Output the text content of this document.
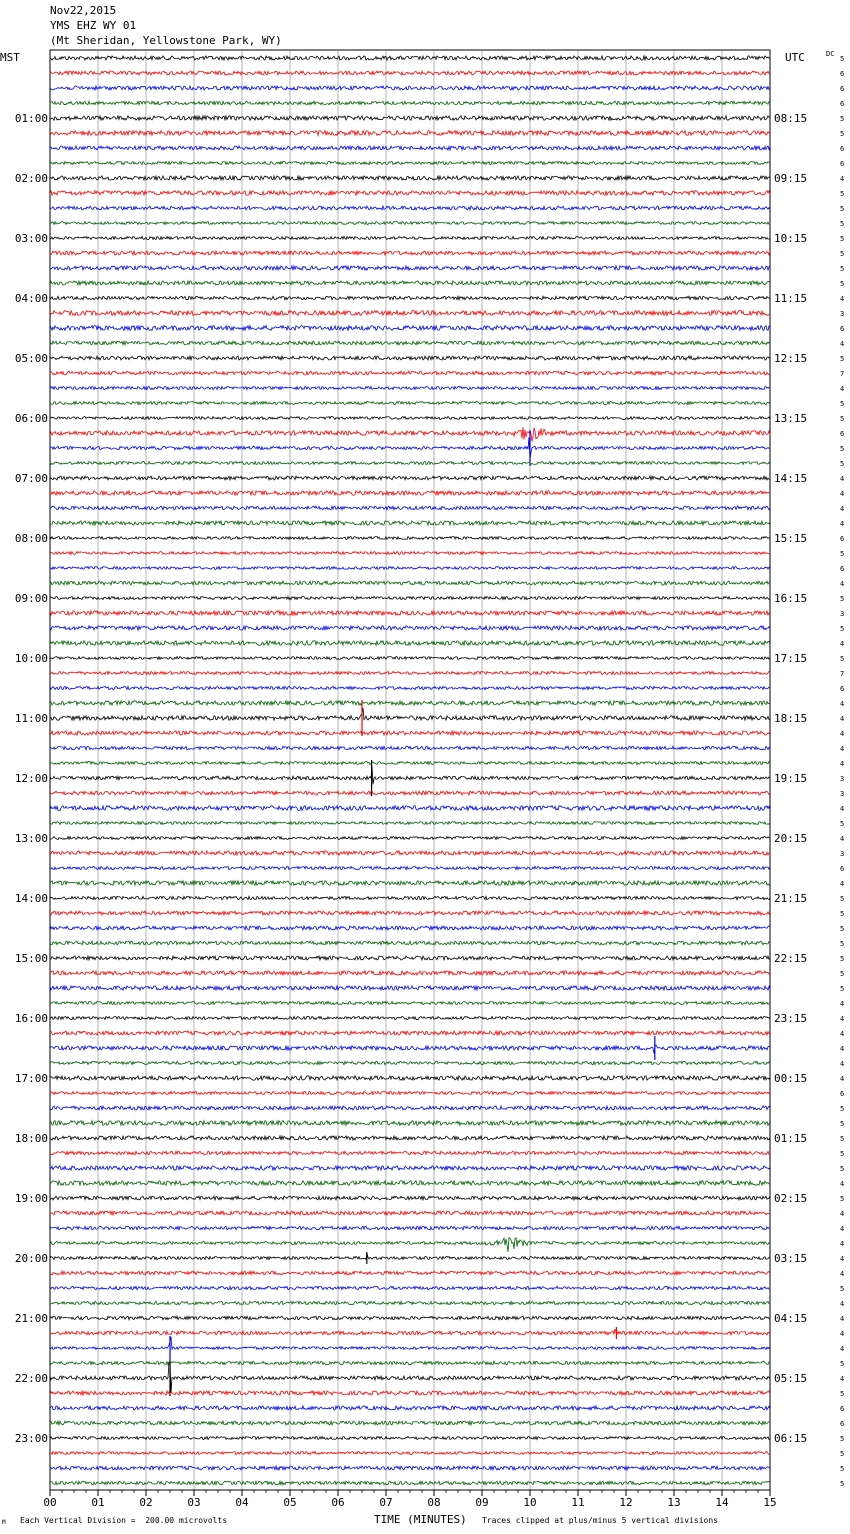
Nov22,2015
YMS EHZ WY 01
(Mt Sheridan, Yellowstone Park, WY)
MST	UTC	DC
00	01	02	03	04	05	06	07	08	09	10	11	12	13	14	15
01:00
02:00
03:00
04:00
05:00
06:00
07:00
08:00
09:00
10:00
11:00
12:00
13:00
14:00
15:00
16:00
17:00
18:00
19:00
20:00
21:00
22:00
23:00
08:15
09:15
10:15
11:15
12:15
13:15
14:15
15:15
16:15
17:15
18:15
19:15
20:15
21:15
22:15
23:15
00:15
01:15
02:15
03:15
04:15
05:15
06:15
5
6
6
6
5
5
6
6
4
5
5
5
5
5
5
5
4
3
6
4
5
7
4
5
5
6
5
5
4
4
4
4
6
5
6
4
5
3
5
4
5
7
6
4
4
4
4
4
3
3
4
5
4
3
6
4
5
5
5
5
5
5
5
4
4
4
4
4
4
6
5
5
5
5
5
4
5
4
4
4
4
4
5
4
4
4
4
5
4
5
6
6
5
5
5
5
TIME (MINUTES)
M Each Vertical Division =  200.00 microvolts	Traces clipped at plus/minus 5 vertical divisions
